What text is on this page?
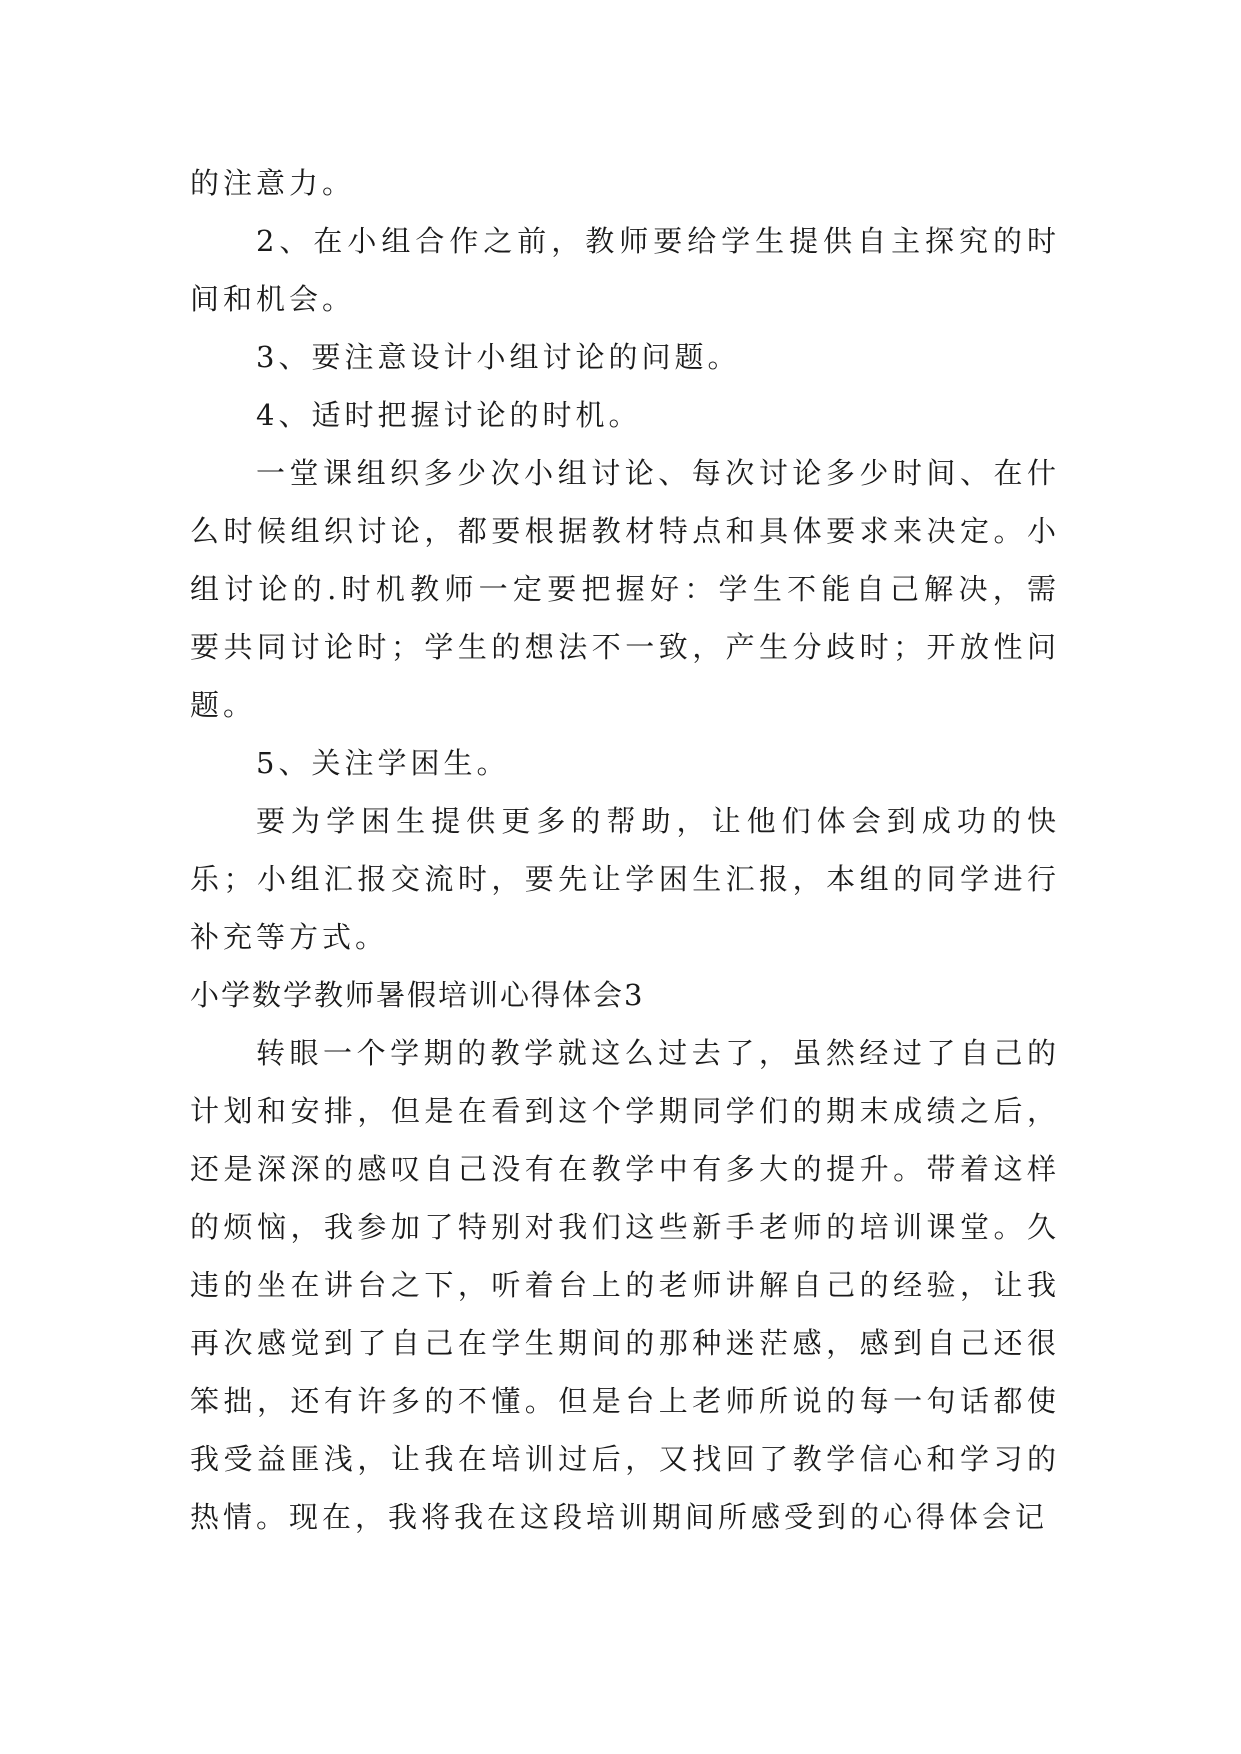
的注意力。

2、在小组合作之前，教师要给学生提供自主探究的时间和机会。

3、要注意设计小组讨论的问题。

4、适时把握讨论的时机。

一堂课组织多少次小组讨论、每次讨论多少时间、在什么时候组织讨论，都要根据教材特点和具体要求来决定。小组讨论的.时机教师一定要把握好：学生不能自己解决，需要共同讨论时；学生的想法不一致，产生分歧时；开放性问题。

5、关注学困生。

要为学困生提供更多的帮助，让他们体会到成功的快乐；小组汇报交流时，要先让学困生汇报，本组的同学进行补充等方式。

小学数学教师暑假培训心得体会3

转眼一个学期的教学就这么过去了，虽然经过了自己的计划和安排，但是在看到这个学期同学们的期末成绩之后，还是深深的感叹自己没有在教学中有多大的提升。带着这样的烦恼，我参加了特别对我们这些新手老师的培训课堂。久违的坐在讲台之下，听着台上的老师讲解自己的经验，让我再次感觉到了自己在学生期间的那种迷茫感，感到自己还很笨拙，还有许多的不懂。但是台上老师所说的每一句话都使我受益匪浅，让我在培训过后，又找回了教学信心和学习的热情。现在，我将我在这段培训期间所感受到的心得体会记
